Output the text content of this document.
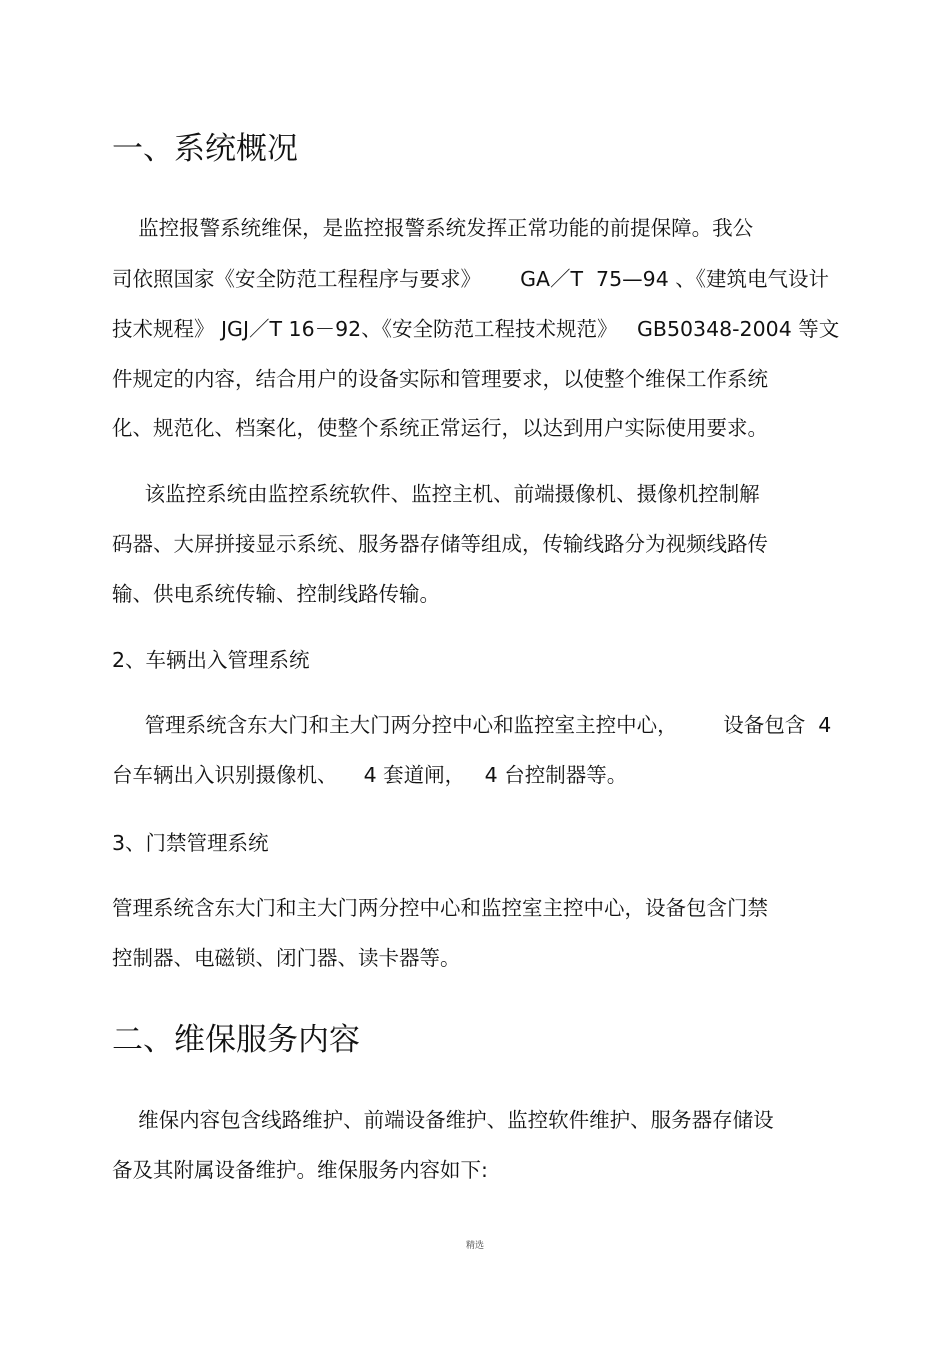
一、系统概况
监控报警系统维保，是监控报警系统发挥正常功能的前提保障。我公
司依照国家《安全防范工程程序与要求》      GA／T  75—94 、《建筑电气设计
技术规程》 JGJ／T 16－92、《安全防范工程技术规范》   GB50348-2004 等文
件规定的内容，结合用户的设备实际和管理要求，以使整个维保工作系统
化、规范化、档案化，使整个系统正常运行，以达到用户实际使用要求。
该监控系统由监控系统软件、监控主机、前端摄像机、摄像机控制解
码器、大屏拼接显示系统、服务器存储等组成，传输线路分为视频线路传
输、供电系统传输、控制线路传输。
2、车辆出入管理系统
管理系统含东大门和主大门两分控中心和监控室主控中心，       设备包含  4
台车辆出入识别摄像机、    4 套道闸，   4 台控制器等。
3、门禁管理系统
管理系统含东大门和主大门两分控中心和监控室主控中心，设备包含门禁
控制器、电磁锁、闭门器、读卡器等。
二、维保服务内容
维保内容包含线路维护、前端设备维护、监控软件维护、服务器存储设
备及其附属设备维护。维保服务内容如下:
精选
